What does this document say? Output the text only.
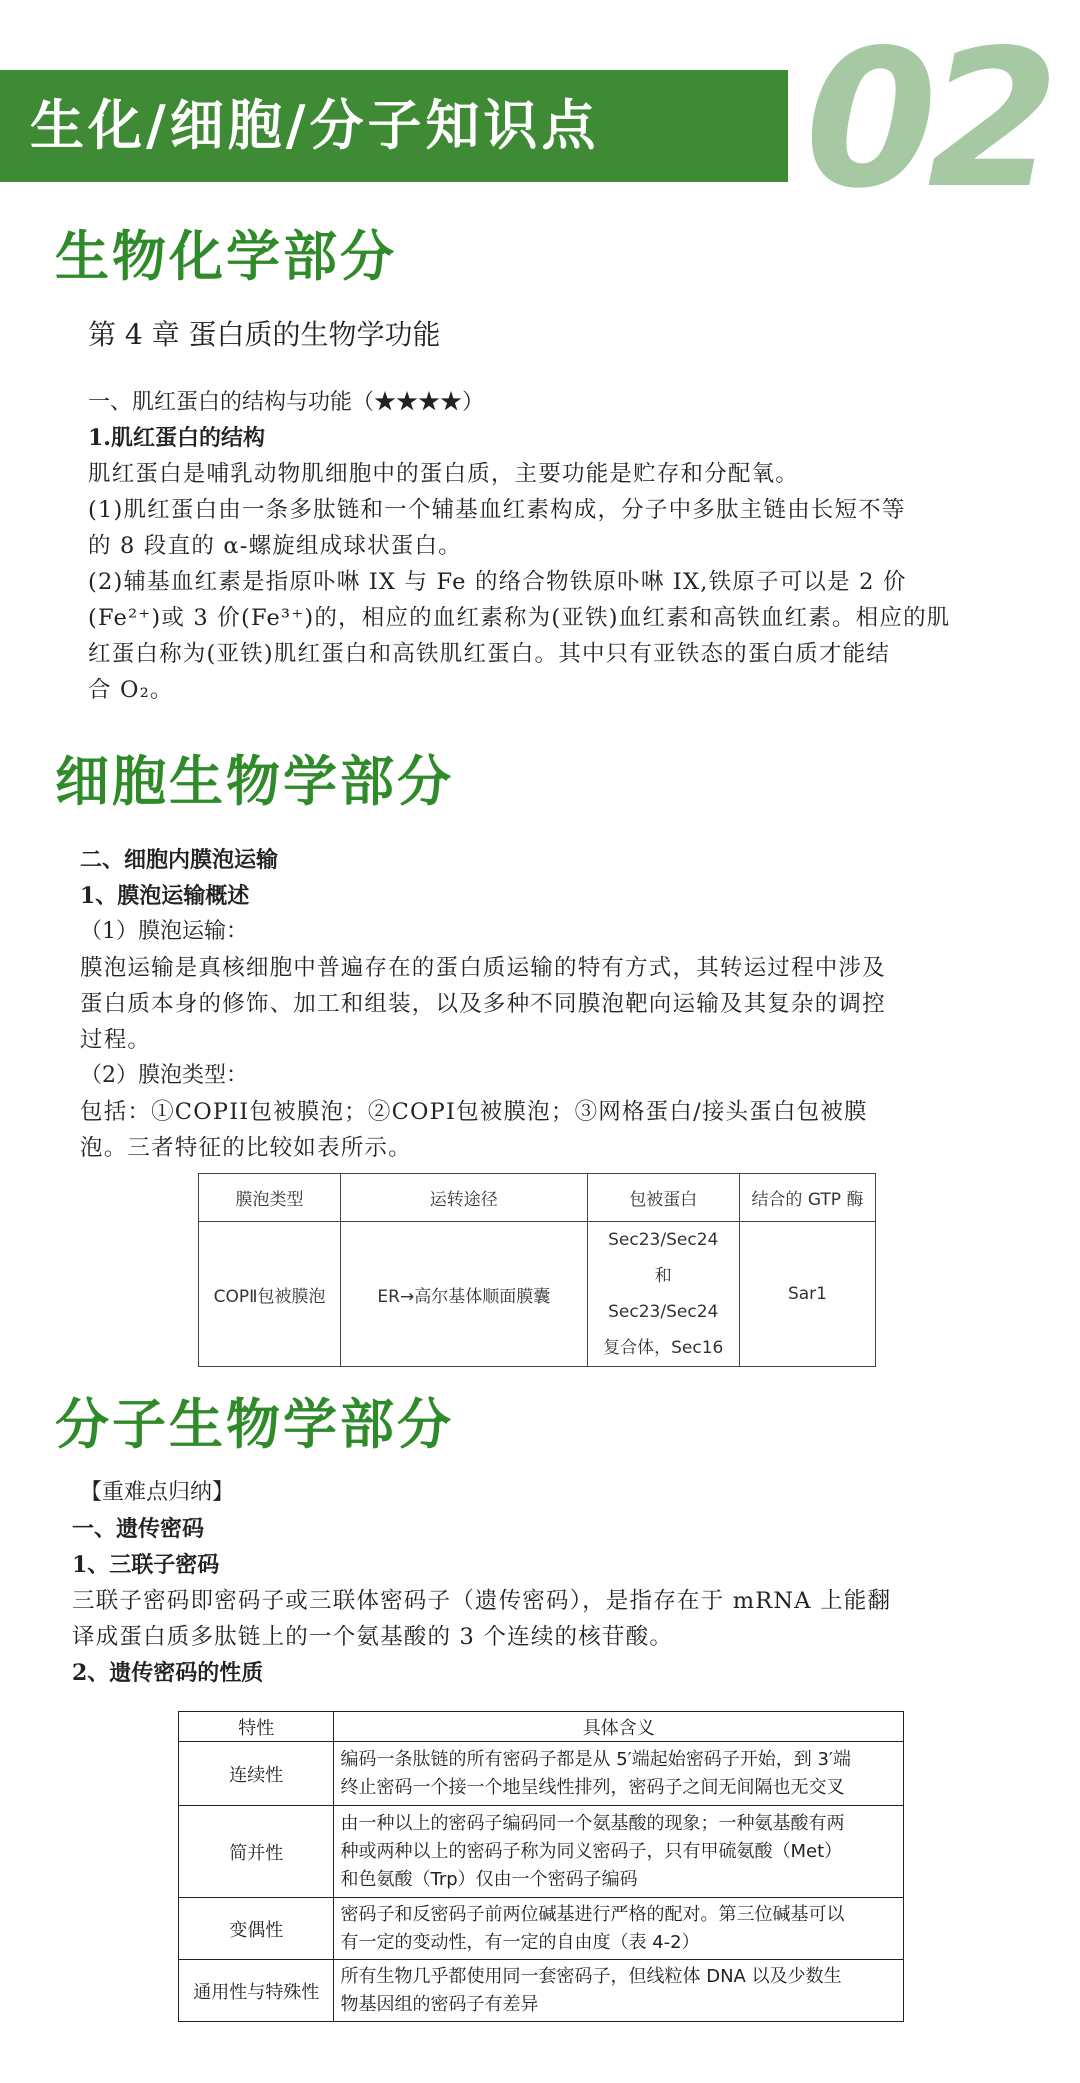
生化/细胞/分子知识点	02
生物化学部分
第 4 章 蛋白质的生物学功能
一、肌红蛋白的结构与功能（★★★★）
1.肌红蛋白的结构
肌红蛋白是哺乳动物肌细胞中的蛋白质，主要功能是贮存和分配氧。
(1)肌红蛋白由一条多肽链和一个辅基血红素构成，分子中多肽主链由长短不等
的 8 段直的 α-螺旋组成球状蛋白。
(2)辅基血红素是指原卟啉 IX 与 Fe 的络合物铁原卟啉 IX,铁原子可以是 2 价
(Fe²⁺)或 3 价(Fe³⁺)的，相应的血红素称为(亚铁)血红素和高铁血红素。相应的肌
红蛋白称为(亚铁)肌红蛋白和高铁肌红蛋白。其中只有亚铁态的蛋白质才能结
合 O₂。
细胞生物学部分
二、细胞内膜泡运输
1、膜泡运输概述
（1）膜泡运输：
膜泡运输是真核细胞中普遍存在的蛋白质运输的特有方式，其转运过程中涉及
蛋白质本身的修饰、加工和组装，以及多种不同膜泡靶向运输及其复杂的调控
过程。
（2）膜泡类型：
包括：①COPII包被膜泡；②COPI包被膜泡；③网格蛋白/接头蛋白包被膜
泡。三者特征的比较如表所示。
膜泡类型	运转途径	包被蛋白	结合的 GTP 酶
COPⅡ包被膜泡	ER→高尔基体顺面膜囊	Sec23/Sec24 和 Sec23/Sec24 复合体，Sec16	Sar1
分子生物学部分
【重难点归纳】
一、遗传密码
1、三联子密码
三联子密码即密码子或三联体密码子（遗传密码），是指存在于 mRNA 上能翻
译成蛋白质多肽链上的一个氨基酸的 3 个连续的核苷酸。
2、遗传密码的性质
特性	具体含义
连续性	编码一条肽链的所有密码子都是从 5′端起始密码子开始，到 3′端
终止密码一个接一个地呈线性排列，密码子之间无间隔也无交叉

简并性	由一种以上的密码子编码同一个氨基酸的现象；一种氨基酸有两
种或两种以上的密码子称为同义密码子，只有甲硫氨酸（Met）
和色氨酸（Trp）仅由一个密码子编码

变偶性	密码子和反密码子前两位碱基进行严格的配对。第三位碱基可以
有一定的变动性，有一定的自由度（表 4-2）

通用性与特殊性	所有生物几乎都使用同一套密码子，但线粒体 DNA 以及少数生
物基因组的密码子有差异
